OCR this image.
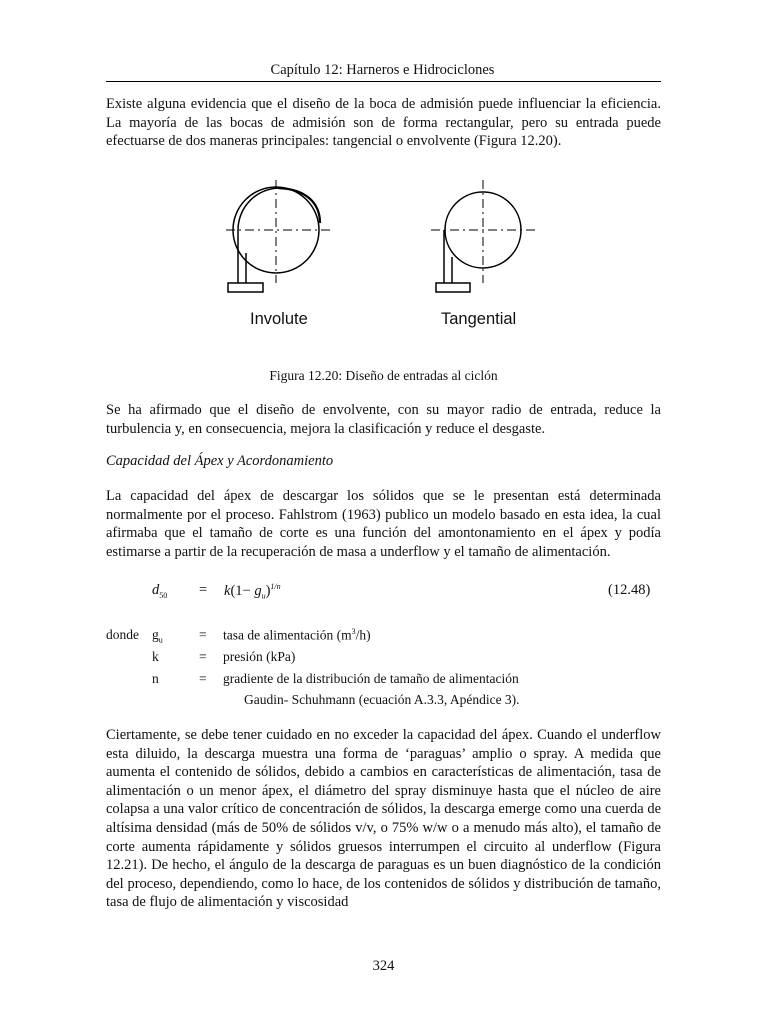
Capítulo 12: Harneros e Hidrociclones

Existe alguna evidencia que el diseño de la boca de admisión puede influenciar la eficiencia. La mayoría de las bocas de admisión son de forma rectangular, pero su entrada puede efectuarse de dos maneras principales: tangencial o envolvente (Figura 12.20).

Involute	Tangential
Figura 12.20: Diseño de entradas al ciclón

Se ha afirmado que el diseño de envolvente, con su mayor radio de entrada, reduce la turbulencia y, en consecuencia, mejora la clasificación y reduce el desgaste.

Capacidad del Ápex y Acordonamiento

La capacidad del ápex de descargar los sólidos que se le presentan está determinada normalmente por el proceso. Fahlstrom (1963) publico un modelo basado en esta idea, la cual afirmaba que el tamaño de corte es una función del amontonamiento en el ápex y podía estimarse a partir de la recuperación de masa a underflow y el tamaño de alimentación.

$d_{50} = k(1- g_u)^{1/n}$	(12.48)
donde $g_u$	= tasa de alimentación $(m^3/h)$
k	= presión (kPa)
n	= gradiente de la distribución de tamaño de alimentación
Gaudin- Schuhmann (ecuación A.3.3, Apéndice 3).

Ciertamente, se debe tener cuidado en no exceder la capacidad del ápex. Cuando el underflow esta diluido, la descarga muestra una forma de ‘paraguas’ amplio o spray. A medida que aumenta el contenido de sólidos, debido a cambios en características de alimentación, tasa de alimentación o un menor ápex, el diámetro del spray disminuye hasta que el núcleo de aire colapsa a una valor crítico de concentración de sólidos, la descarga emerge como una cuerda de altísima densidad (más de 50% de sólidos v/v, o 75% w/w o a menudo más alto), el tamaño de corte aumenta rápidamente y sólidos gruesos interrumpen el circuito al underflow (Figura 12.21). De hecho, el ángulo de la descarga de paraguas es un buen diagnóstico de la condición del proceso, dependiendo, como lo hace, de los contenidos de sólidos y distribución de tamaño, tasa de flujo de alimentación y viscosidad

324
